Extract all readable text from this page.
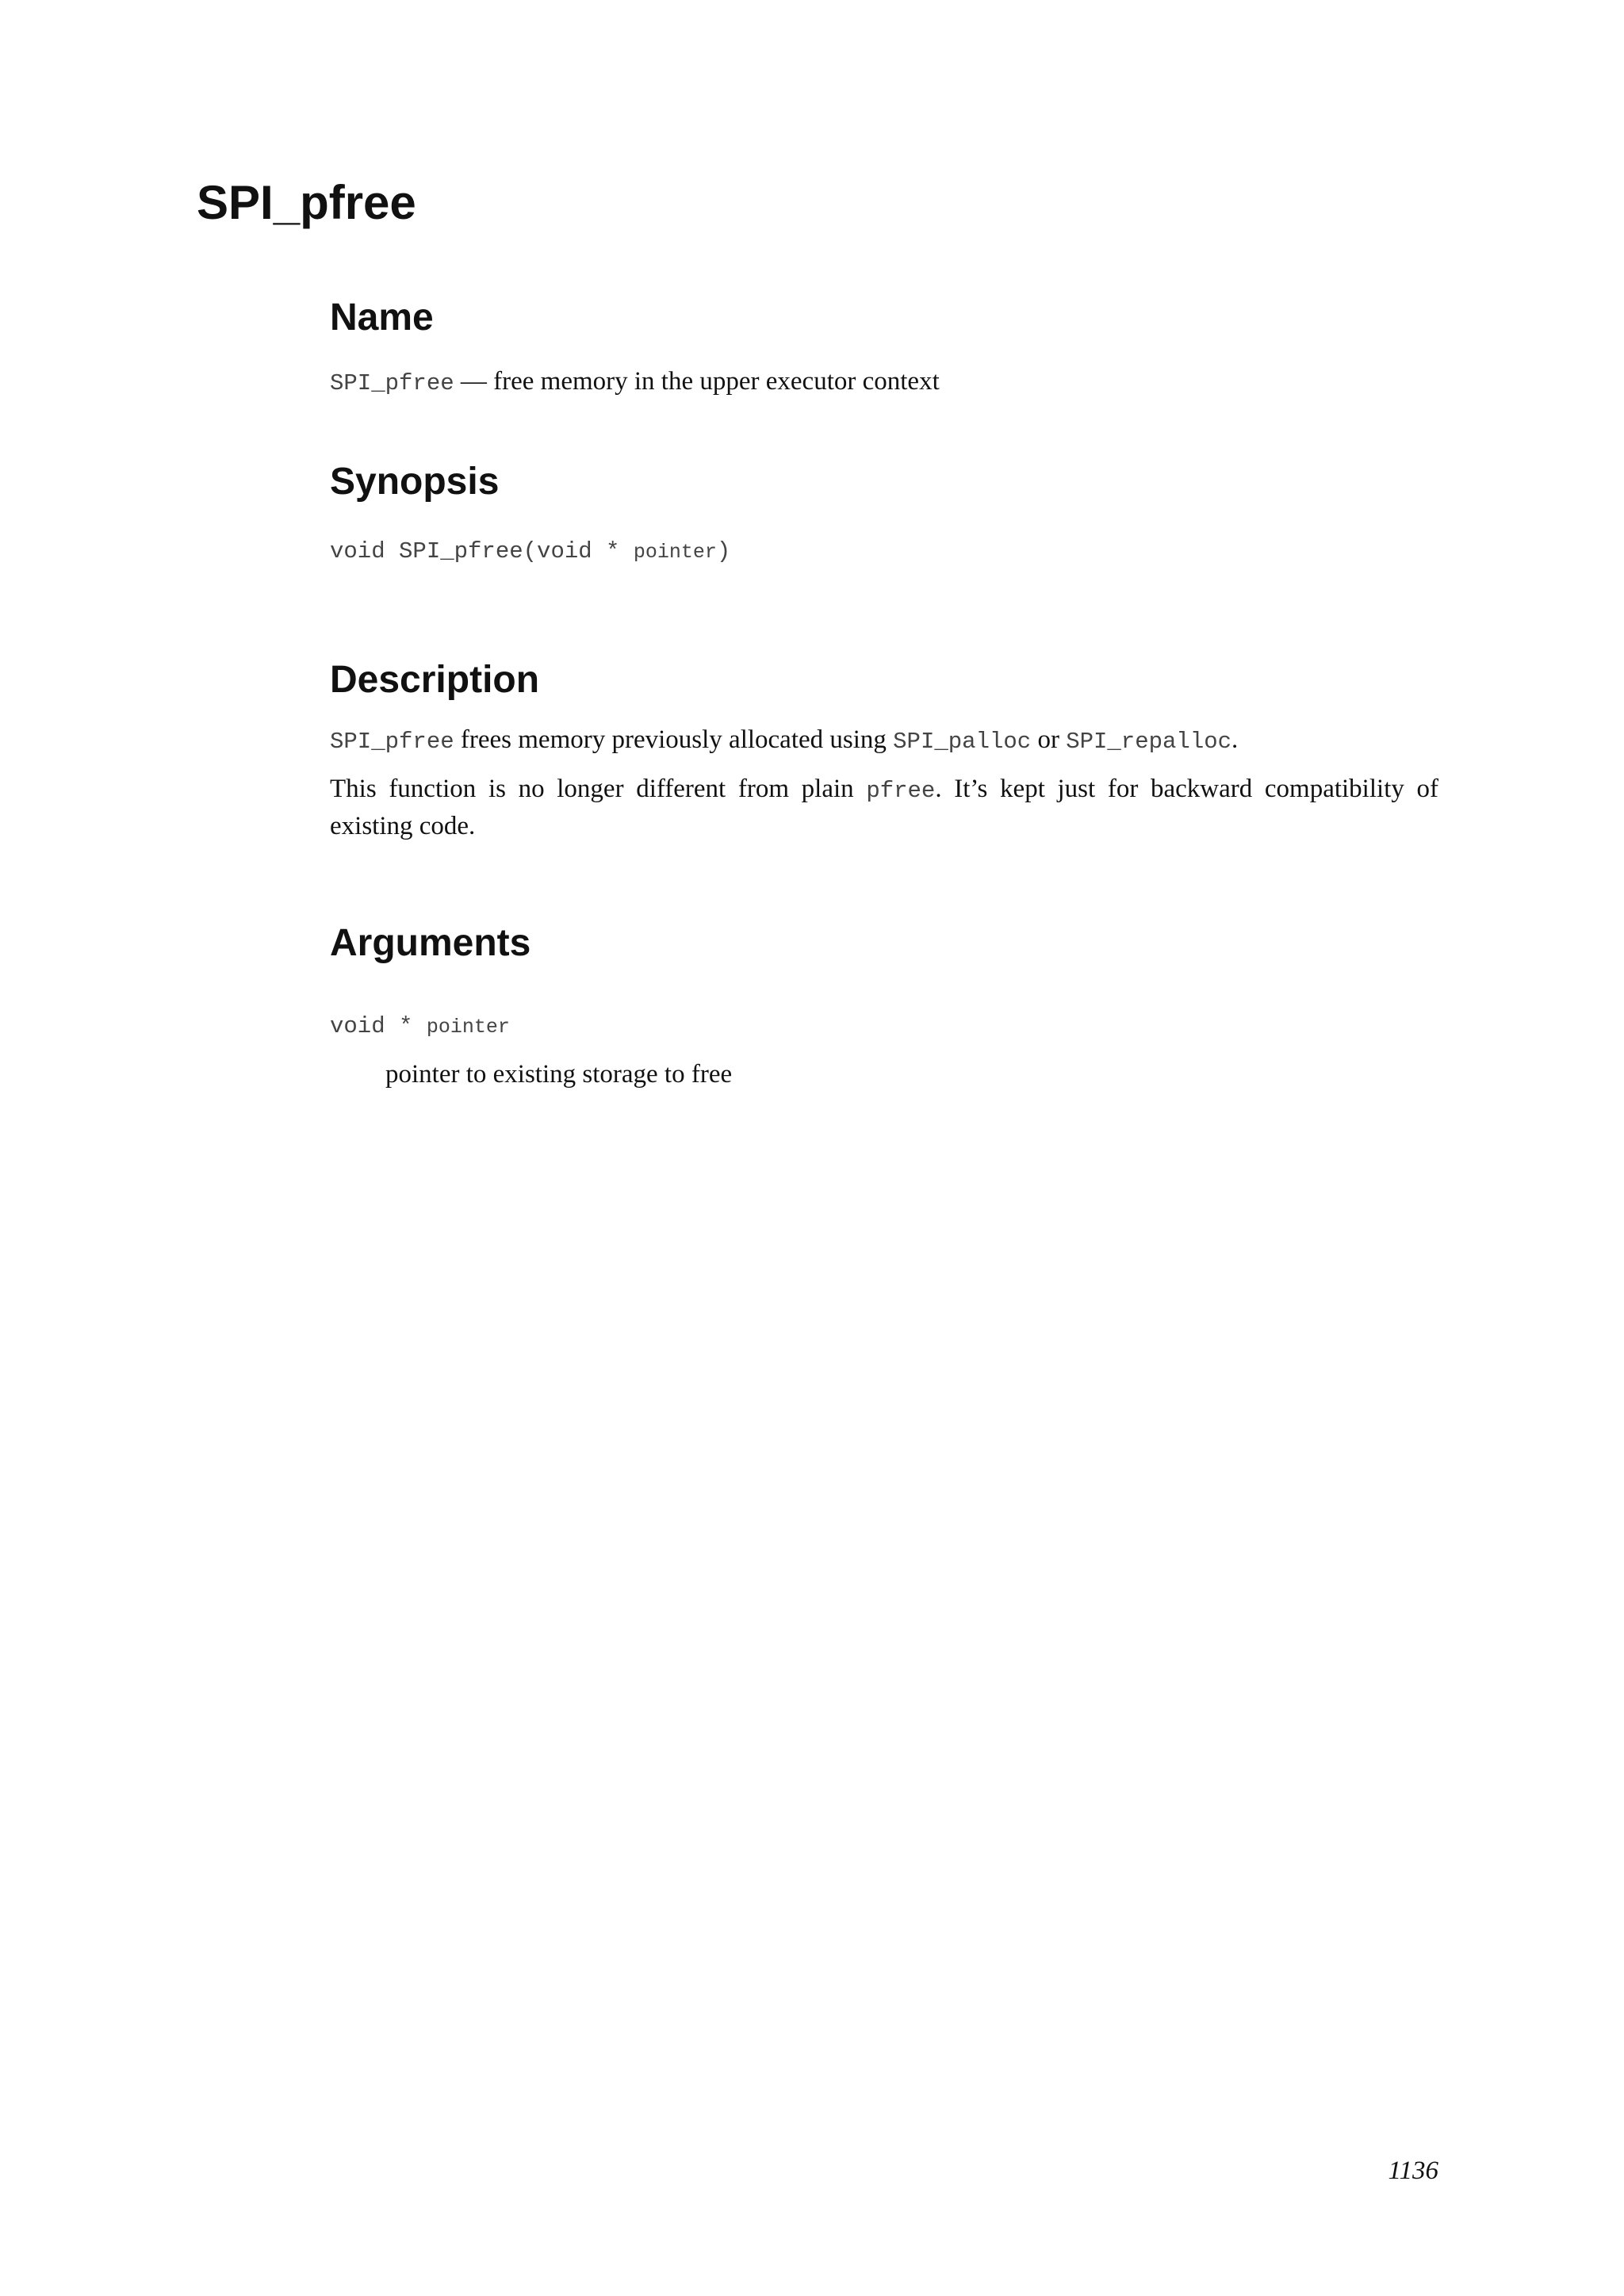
SPI_pfree
Name

SPI_pfree — free memory in the upper executor context

Synopsis

void SPI_pfree(void * pointer)

Description

SPI_pfree frees memory previously allocated using SPI_palloc or SPI_repalloc.

This function is no longer different from plain pfree. It’s kept just for backward compatibility of existing code.

Arguments

void * pointer

pointer to existing storage to free

1136
